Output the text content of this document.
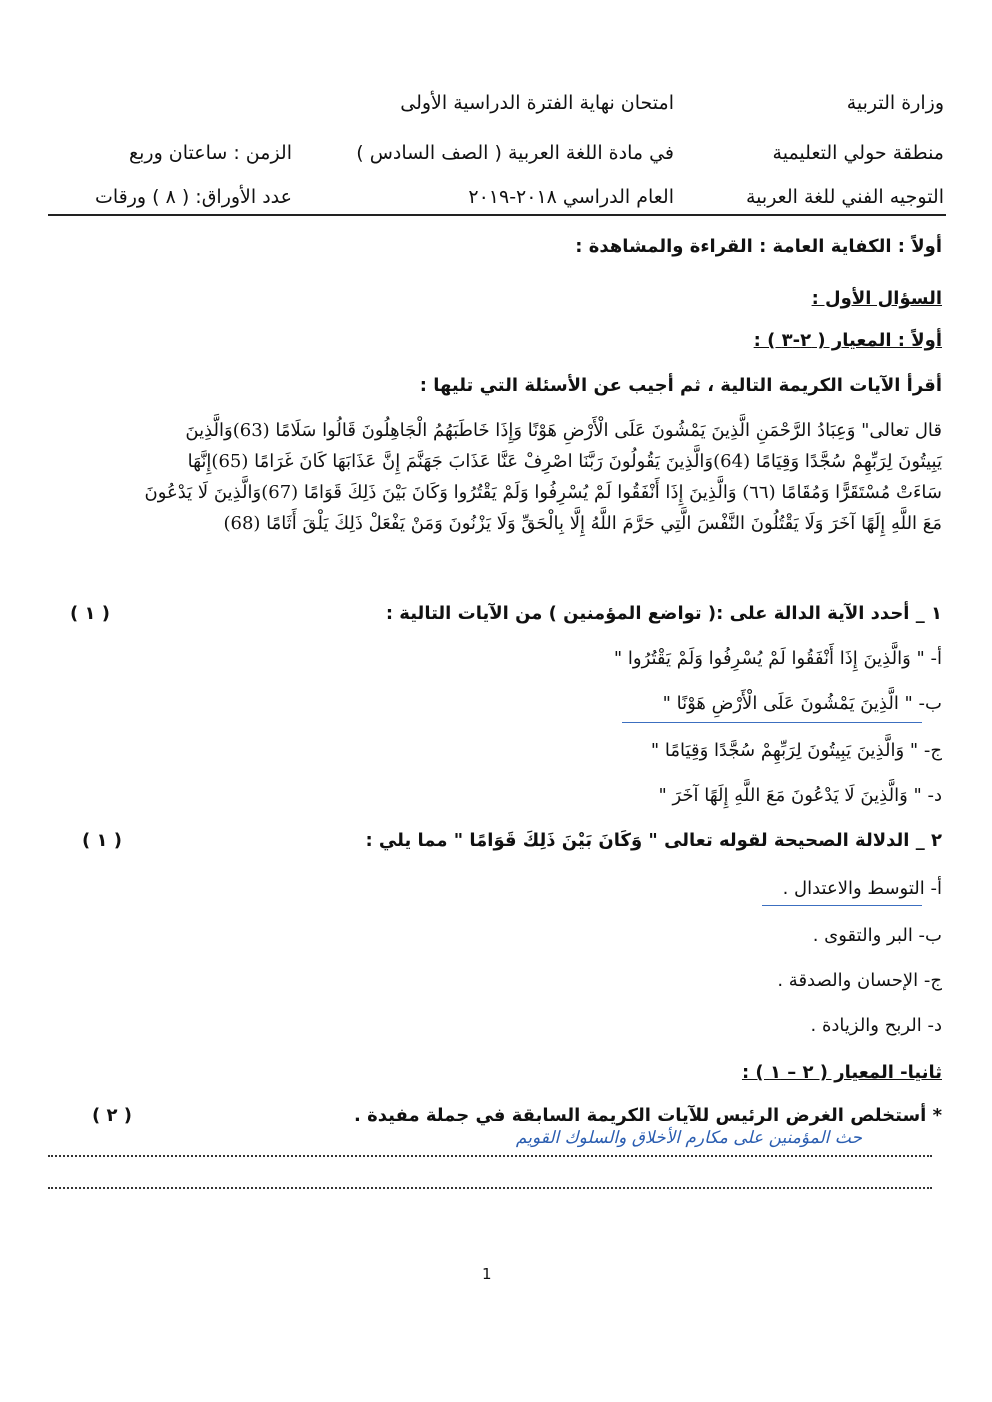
وزارة التربية
امتحان نهاية الفترة الدراسية الأولى
منطقة حولي التعليمية
في مادة اللغة العربية ( الصف السادس )
الزمن : ساعتان وربع
التوجيه الفني للغة العربية
العام الدراسي ٢٠١٨-٢٠١٩
عدد الأوراق: ( ٨ ) ورقات
أولاً : الكفاية العامة : القراءة والمشاهدة :
السؤال الأول :
أولاً : المعيار ( ٢-٣ ) :
أقرأ الآيات الكريمة التالية ، ثم أجيب عن الأسئلة التي تليها :
قال تعالى" وَعِبَادُ الرَّحْمَنِ الَّذِينَ يَمْشُونَ عَلَى الْأَرْضِ هَوْنًا وَإِذَا خَاطَبَهُمُ الْجَاهِلُونَ قَالُوا سَلَامًا (63)وَالَّذِينَ
يَبِيتُونَ لِرَبِّهِمْ سُجَّدًا وَقِيَامًا (64)وَالَّذِينَ يَقُولُونَ رَبَّنَا اصْرِفْ عَنَّا عَذَابَ جَهَنَّمَ إِنَّ عَذَابَهَا كَانَ غَرَامًا (65)إِنَّهَا
سَاءَتْ مُسْتَقَرًّا وَمُقَامًا (٦٦) وَالَّذِينَ إِذَا أَنْفَقُوا لَمْ يُسْرِفُوا وَلَمْ يَقْتُرُوا وَكَانَ بَيْنَ ذَلِكَ قَوَامًا (67)وَالَّذِينَ لَا يَدْعُونَ
مَعَ اللَّهِ إِلَهًا آخَرَ وَلَا يَقْتُلُونَ النَّفْسَ الَّتِي حَرَّمَ اللَّهُ إِلَّا بِالْحَقِّ وَلَا يَزْنُونَ وَمَنْ يَفْعَلْ ذَلِكَ يَلْقَ أَثَامًا (68)
١ _ أحدد الآية الدالة على :( تواضع المؤمنين ) من الآيات التالية :
( ١ )
أ- " وَالَّذِينَ إِذَا أَنْفَقُوا لَمْ يُسْرِفُوا وَلَمْ يَقْتُرُوا "
ب- " الَّذِينَ يَمْشُونَ عَلَى الْأَرْضِ هَوْنًا "
ج- " وَالَّذِينَ يَبِيتُونَ لِرَبِّهِمْ سُجَّدًا وَقِيَامًا "
د- " وَالَّذِينَ لَا يَدْعُونَ مَعَ اللَّهِ إِلَهًا آخَرَ "
٢ _ الدلالة الصحيحة لقوله تعالى " وَكَانَ بَيْنَ ذَلِكَ قَوَامًا " مما يلي :
( ١ )
أ- التوسط والاعتدال .
ب- البر والتقوى .
ج- الإحسان والصدقة .
د- الربح والزيادة .
ثانيا- المعيار ( ٢ – ١ ) :
* أستخلص الغرض الرئيس للآيات الكريمة السابقة في جملة مفيدة .
( ٢ )
حث المؤمنين على مكارم الأخلاق والسلوك القويم
1
